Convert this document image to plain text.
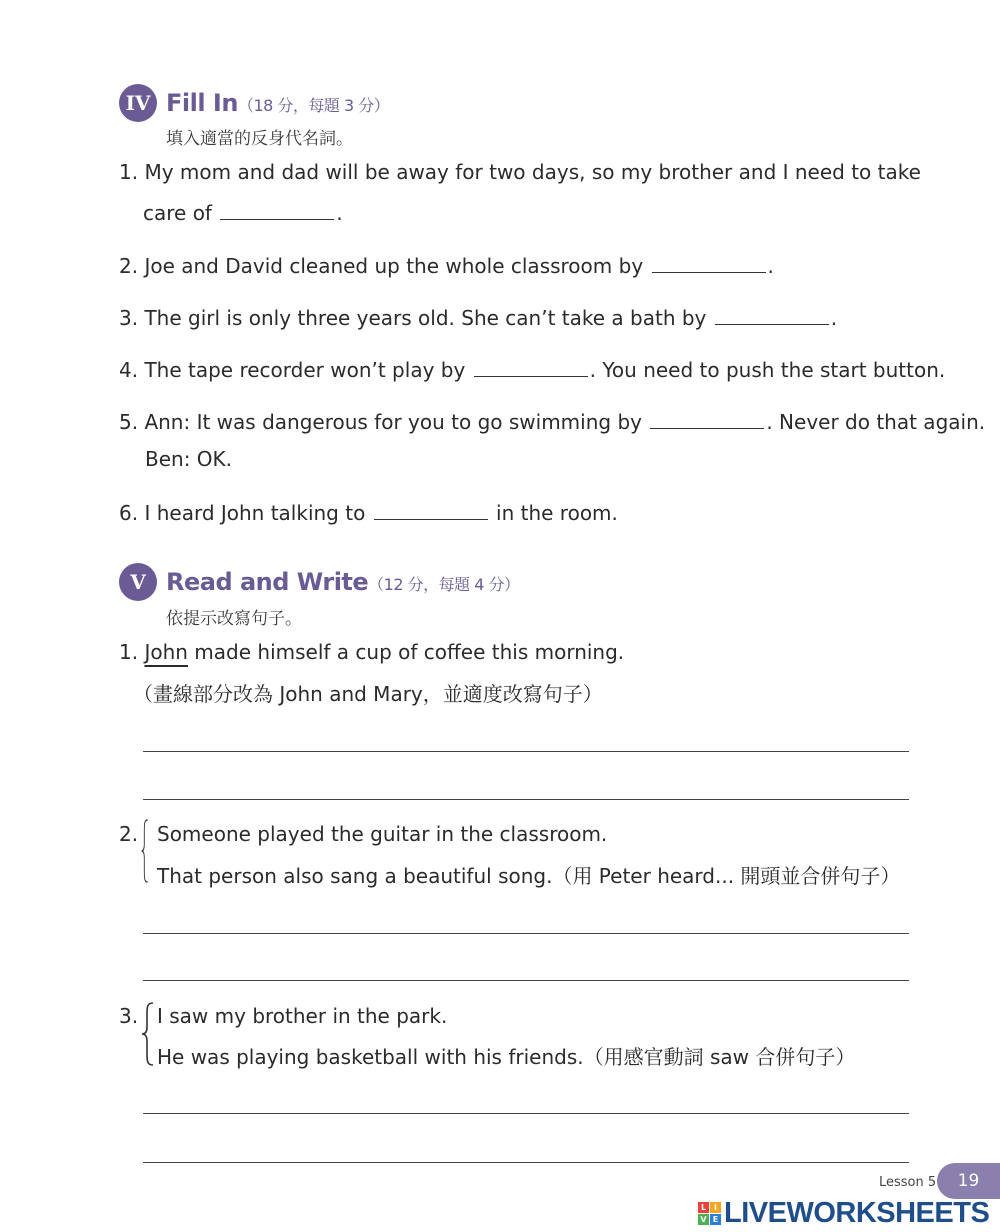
IV Fill In（18 分，每題 3 分）
填入適當的反身代名詞。
1. My mom and dad will be away for two days, so my brother and I need to take
care of	.
2. Joe and David cleaned up the whole classroom by	.
3. The girl is only three years old. She can’t take a bath by	.
4. The tape recorder won’t play by	. You need to push the start button.
5. Ann: It was dangerous for you to go swimming by	. Never do that again.
Ben: OK.
6. I heard John talking to	in the room.
V Read and Write（12 分，每題 4 分）
依提示改寫句子。
1. John made himself a cup of coffee this morning.
（畫線部分改為 John and Mary，並適度改寫句子）
2. Someone played the guitar in the classroom.
That person also sang a beautiful song.（用 Peter heard... 開頭並合併句子）
3. I saw my brother in the park.
He was playing basketball with his friends.（用感官動詞 saw 合併句子）
Lesson 5 19
L I
V E LIVEWORKSHEETS
